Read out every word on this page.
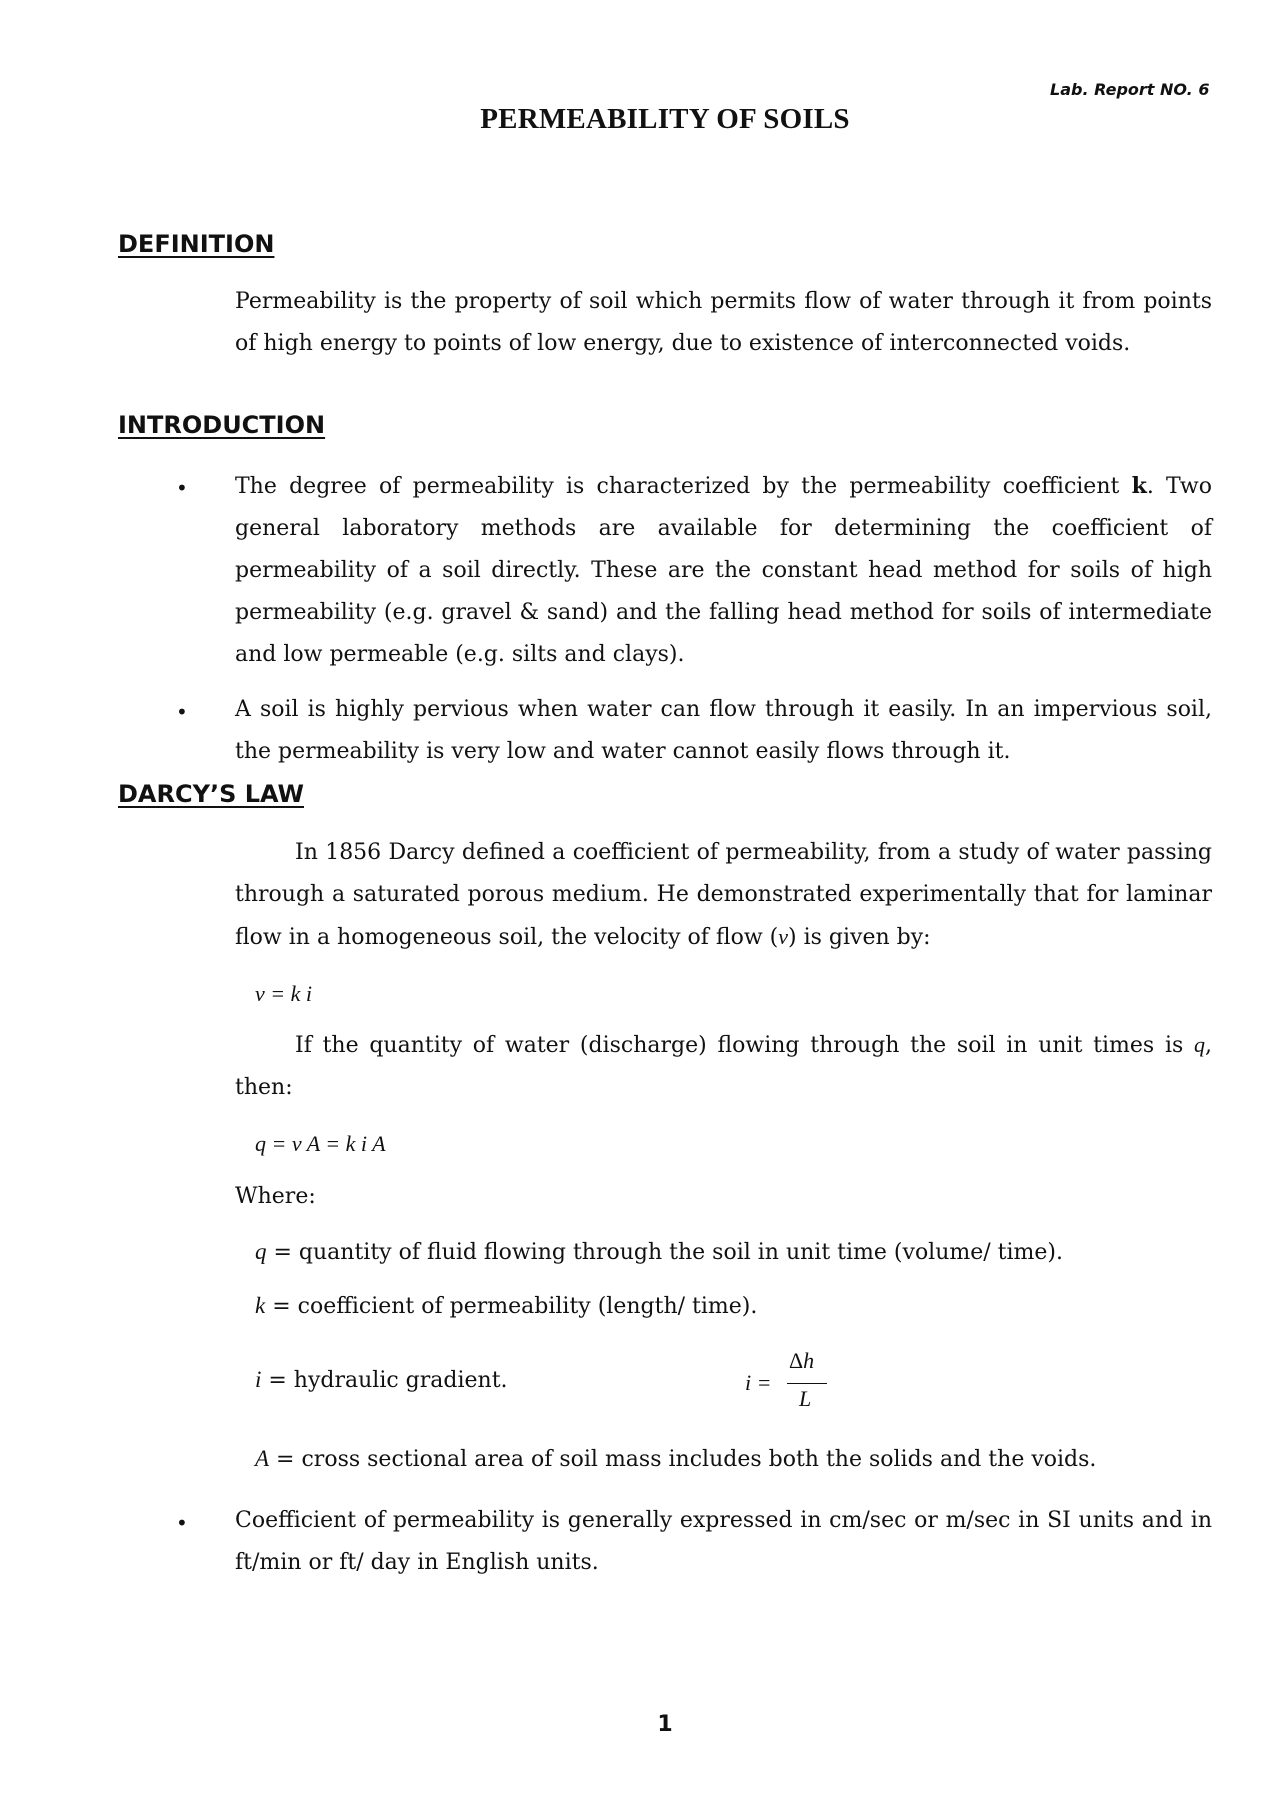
Lab. Report NO. 6
PERMEABILITY OF SOILS
DEFINITION
Permeability is the property of soil which permits flow of water through it from points of high energy to points of low energy, due to existence of interconnected voids.
INTRODUCTION
• The degree of permeability is characterized by the permeability coefficient k. Two general laboratory methods are available for determining the coefficient of permeability of a soil directly. These are the constant head method for soils of high permeability (e.g. gravel & sand) and the falling head method for soils of intermediate and low permeable (e.g. silts and clays).
• A soil is highly pervious when water can flow through it easily. In an impervious soil, the permeability is very low and water cannot easily flows through it.
DARCY’S LAW
In 1856 Darcy defined a coefficient of permeability, from a study of water passing through a saturated porous medium. He demonstrated experimentally that for laminar flow in a homogeneous soil, the velocity of flow (v) is given by:
v = k i
If the quantity of water (discharge) flowing through the soil in unit times is q, then:
q = v A = k i A
Where:
q = quantity of fluid flowing through the soil in unit time (volume/ time).
k = coefficient of permeability (length/ time).
i = hydraulic gradient.	i =
Δh
L
A = cross sectional area of soil mass includes both the solids and the voids.
• Coefficient of permeability is generally expressed in cm/sec or m/sec in SI units and in ft/min or ft/ day in English units.
1
